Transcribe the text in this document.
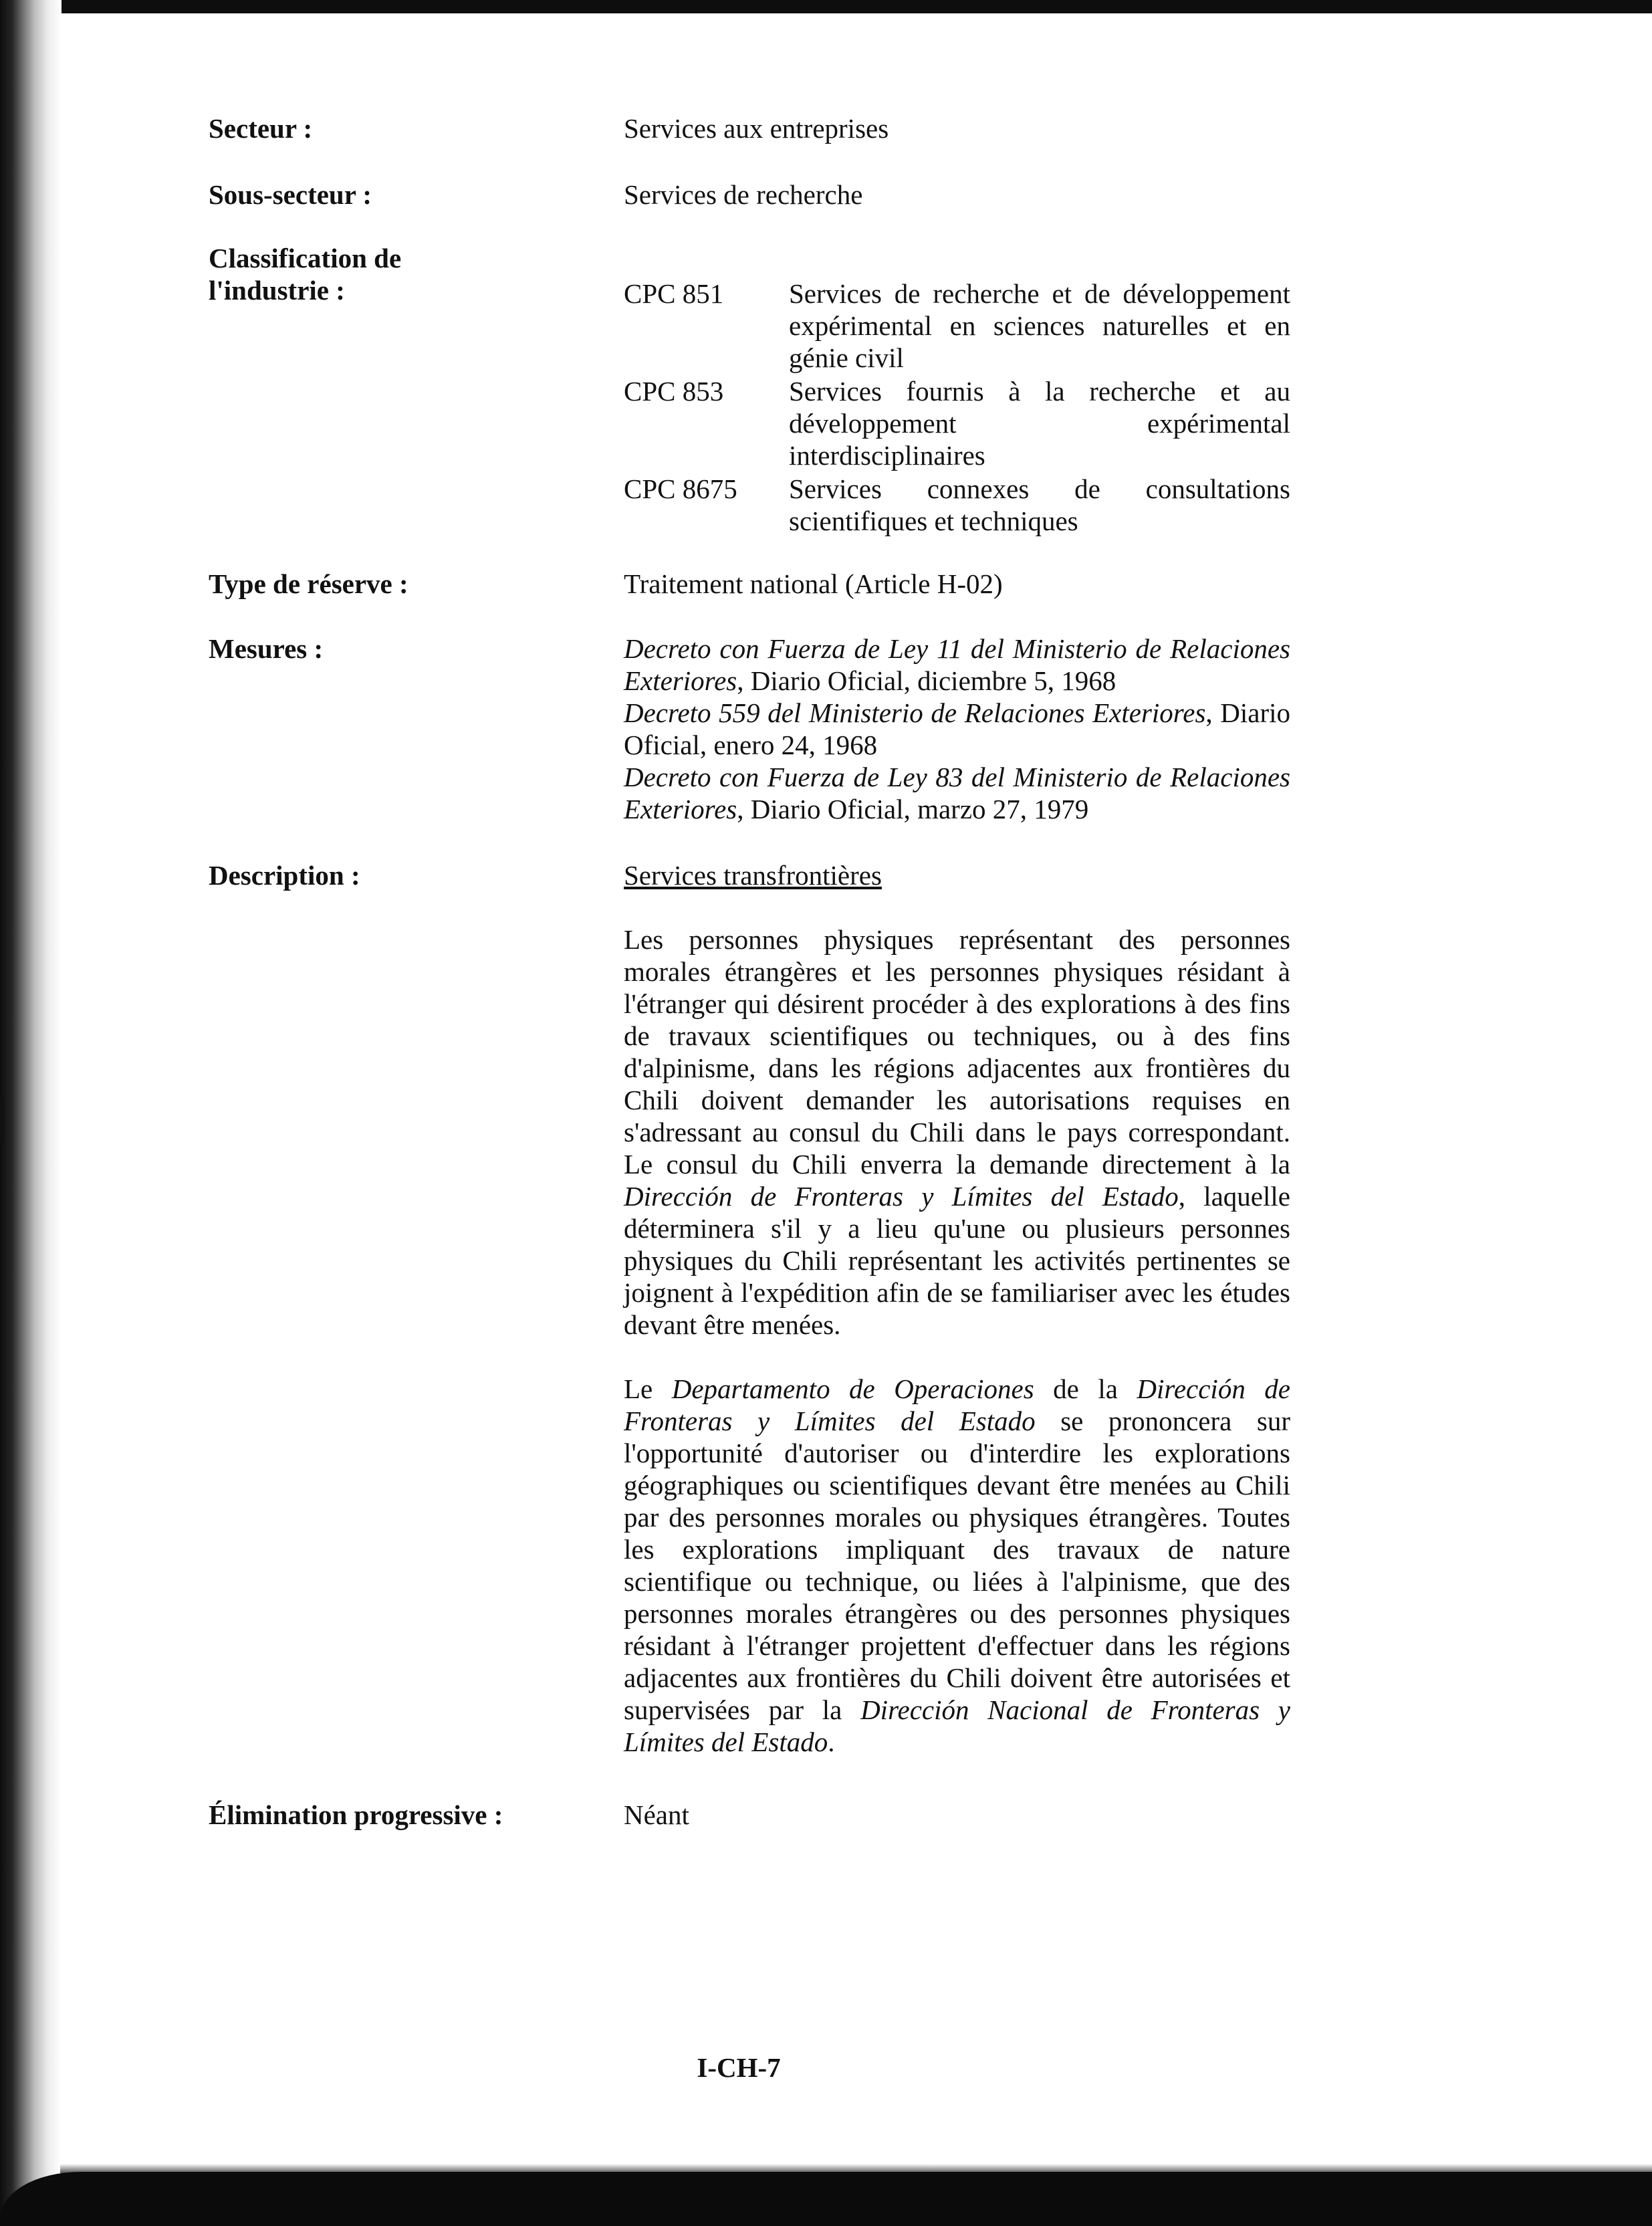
Secteur :	Services aux entreprises

Sous-secteur :	Services de recherche

Classification de l'industrie :	CPC 851	Services de recherche et de développement expérimental en sciences naturelles et en génie civil
CPC 853	Services fournis à la recherche et au développement expérimental interdisciplinaires
CPC 8675	Services connexes de consultations scientifiques et techniques

Type de réserve :	Traitement national (Article H-02)

Mesures :	Decreto con Fuerza de Ley 11 del Ministerio de Relaciones Exteriores, Diario Oficial, diciembre 5, 1968

Decreto 559 del Ministerio de Relaciones Exteriores, Diario Oficial, enero 24, 1968

Decreto con Fuerza de Ley 83 del Ministerio de Relaciones Exteriores, Diario Oficial, marzo 27, 1979

Description :	Services transfrontières

Les personnes physiques représentant des personnes morales étrangères et les personnes physiques résidant à l'étranger qui désirent procéder à des explorations à des fins de travaux scientifiques ou techniques, ou à des fins d'alpinisme, dans les régions adjacentes aux frontières du Chili doivent demander les autorisations requises en s'adressant au consul du Chili dans le pays correspondant. Le consul du Chili enverra la demande directement à la Dirección de Fronteras y Límites del Estado, laquelle déterminera s'il y a lieu qu'une ou plusieurs personnes physiques du Chili représentant les activités pertinentes se joignent à l'expédition afin de se familiariser avec les études devant être menées.

Le Departamento de Operaciones de la Dirección de Fronteras y Límites del Estado se prononcera sur l'opportunité d'autoriser ou d'interdire les explorations géographiques ou scientifiques devant être menées au Chili par des personnes morales ou physiques étrangères. Toutes les explorations impliquant des travaux de nature scientifique ou technique, ou liées à l'alpinisme, que des personnes morales étrangères ou des personnes physiques résidant à l'étranger projettent d'effectuer dans les régions adjacentes aux frontières du Chili doivent être autorisées et supervisées par la Dirección Nacional de Fronteras y Límites del Estado.

Élimination progressive :	Néant

I-CH-7
